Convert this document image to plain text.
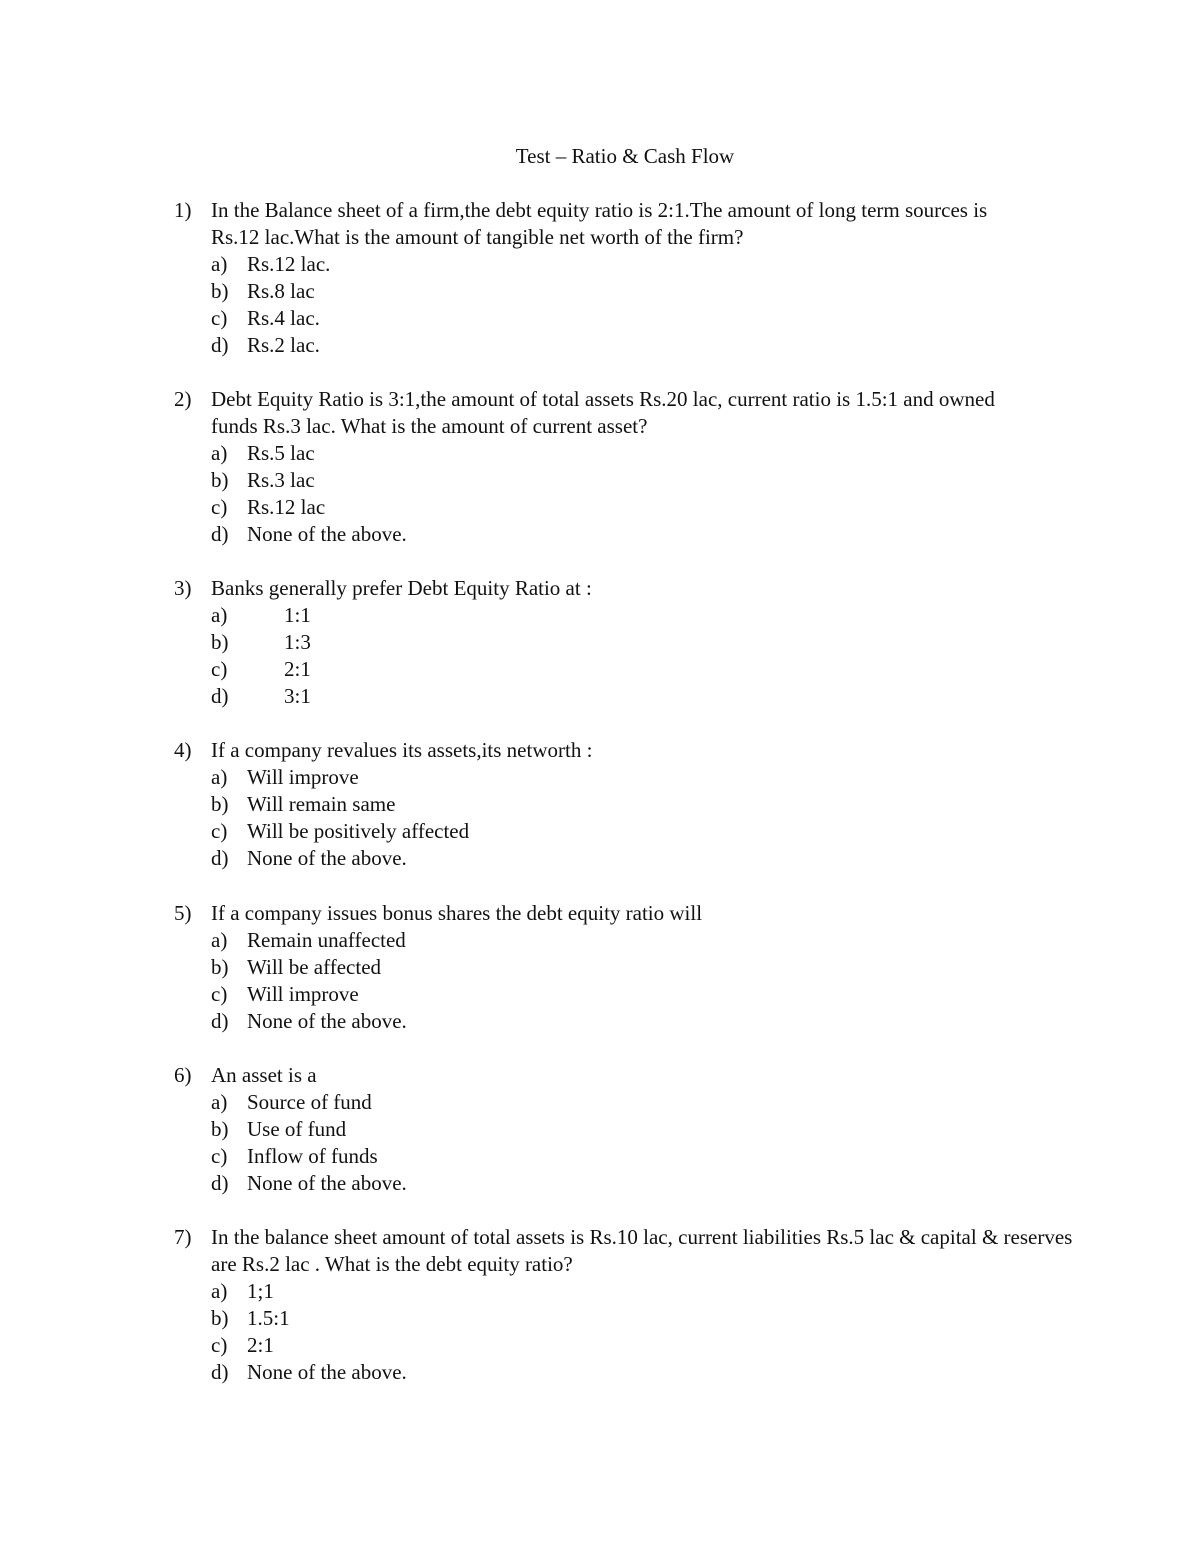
Test – Ratio & Cash Flow
1) In the Balance sheet of a firm,the debt equity ratio is 2:1.The amount of long term sources is Rs.12 lac.What is the amount of tangible net worth of the firm?
a) Rs.12 lac.
b) Rs.8 lac
c) Rs.4 lac.
d) Rs.2 lac.
2) Debt Equity Ratio is 3:1,the amount of total assets Rs.20 lac, current ratio is 1.5:1 and owned funds Rs.3 lac. What is the amount of current asset?
a) Rs.5 lac
b) Rs.3 lac
c) Rs.12 lac
d) None of the above.
3) Banks generally prefer Debt Equity Ratio at :
a)	1:1
b)	1:3
c)	2:1
d)	3:1
4) If a company revalues its assets,its networth :
a) Will improve
b) Will remain same
c) Will be positively affected
d) None of the above.
5) If a company issues bonus shares the debt equity ratio will
a) Remain unaffected
b) Will be affected
c) Will improve
d) None of the above.
6) An asset is a
a) Source of fund
b) Use of fund
c) Inflow of funds
d) None of the above.
7) In the balance sheet amount of total assets is Rs.10 lac, current liabilities Rs.5 lac & capital & reserves are Rs.2 lac . What is the debt equity ratio?
a) 1;1
b) 1.5:1
c) 2:1
d) None of the above.
